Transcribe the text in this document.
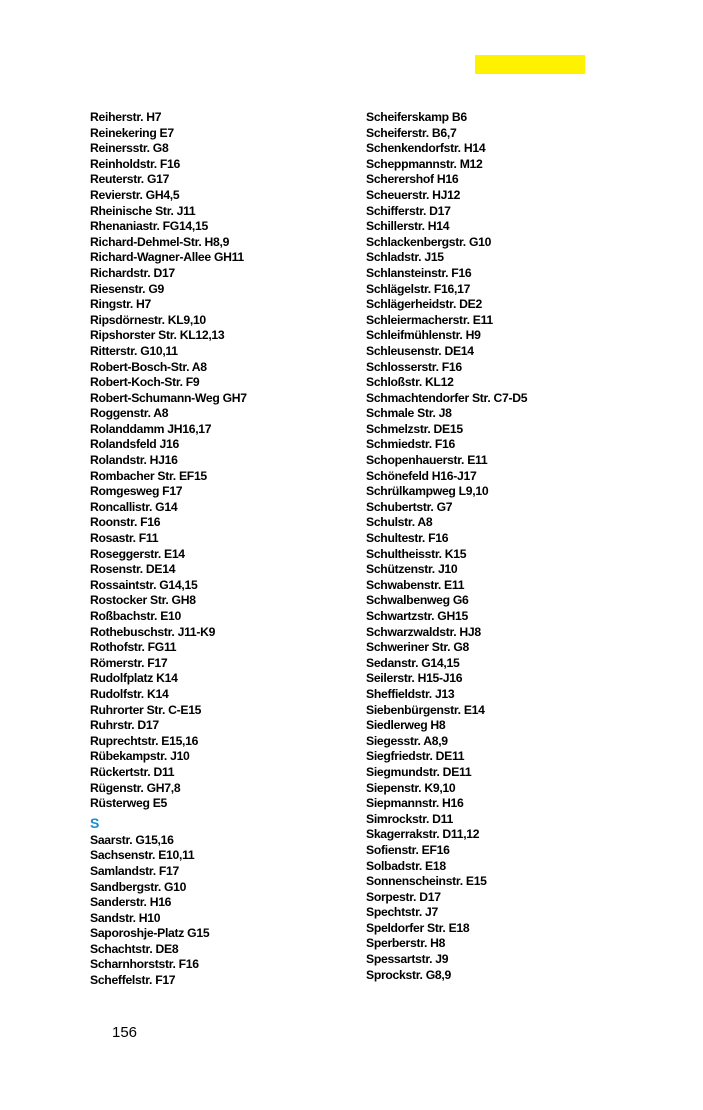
Reiherstr. H7
Reinekering E7
Reinersstr. G8
Reinholdstr. F16
Reuterstr. G17
Revierstr. GH4,5
Rheinische Str. J11
Rhenaniastr. FG14,15
Richard-Dehmel-Str. H8,9
Richard-Wagner-Allee GH11
Richardstr. D17
Riesenstr. G9
Ringstr. H7
Ripsdörnestr. KL9,10
Ripshorster Str. KL12,13
Ritterstr. G10,11
Robert-Bosch-Str. A8
Robert-Koch-Str. F9
Robert-Schumann-Weg GH7
Roggenstr. A8
Rolanddamm JH16,17
Rolandsfeld J16
Rolandstr. HJ16
Rombacher Str. EF15
Romgesweg F17
Roncallistr. G14
Roonstr. F16
Rosastr. F11
Roseggerstr. E14
Rosenstr. DE14
Rossaintstr. G14,15
Rostocker Str. GH8
Roßbachstr. E10
Rothebuschstr. J11-K9
Rothofstr. FG11
Römerstr. F17
Rudolfplatz K14
Rudolfstr. K14
Ruhrorter Str. C-E15
Ruhrstr. D17
Ruprechtstr. E15,16
Rübekampstr. J10
Rückertstr. D11
Rügenstr. GH7,8
Rüsterweg E5
S
Saarstr. G15,16
Sachsenstr. E10,11
Samlandstr. F17
Sandbergstr. G10
Sanderstr. H16
Sandstr. H10
Saporoshje-Platz G15
Schachtstr. DE8
Scharnhorststr. F16
Scheffelstr. F17
Scheiferskamp B6
Scheiferstr. B6,7
Schenkendorfstr. H14
Scheppmannstr. M12
Scherershof H16
Scheuerstr. HJ12
Schifferstr. D17
Schillerstr. H14
Schlackenbergstr. G10
Schladstr. J15
Schlansteinstr. F16
Schlägelstr. F16,17
Schlägerheidstr. DE2
Schleiermacherstr. E11
Schleifmühlenstr. H9
Schleusenstr. DE14
Schlosserstr. F16
Schloßstr. KL12
Schmachtendorfer Str. C7-D5
Schmale Str. J8
Schmelzstr. DE15
Schmiedstr. F16
Schopenhauerstr. E11
Schönefeld H16-J17
Schrülkampweg L9,10
Schubertstr. G7
Schulstr. A8
Schultestr. F16
Schultheisstr. K15
Schützenstr. J10
Schwabenstr. E11
Schwalbenweg G6
Schwartzstr. GH15
Schwarzwaldstr. HJ8
Schweriner Str. G8
Sedanstr. G14,15
Seilerstr. H15-J16
Sheffieldstr. J13
Siebenbürgenstr. E14
Siedlerweg H8
Siegesstr. A8,9
Siegfriedstr. DE11
Siegmundstr. DE11
Siepenstr. K9,10
Siepmannstr. H16
Simrockstr. D11
Skagerrakstr. D11,12
Sofienstr. EF16
Solbadstr. E18
Sonnenscheinstr. E15
Sorpestr. D17
Spechtstr. J7
Speldorfer Str. E18
Sperberstr. H8
Spessartstr. J9
Sprockstr. G8,9
156
